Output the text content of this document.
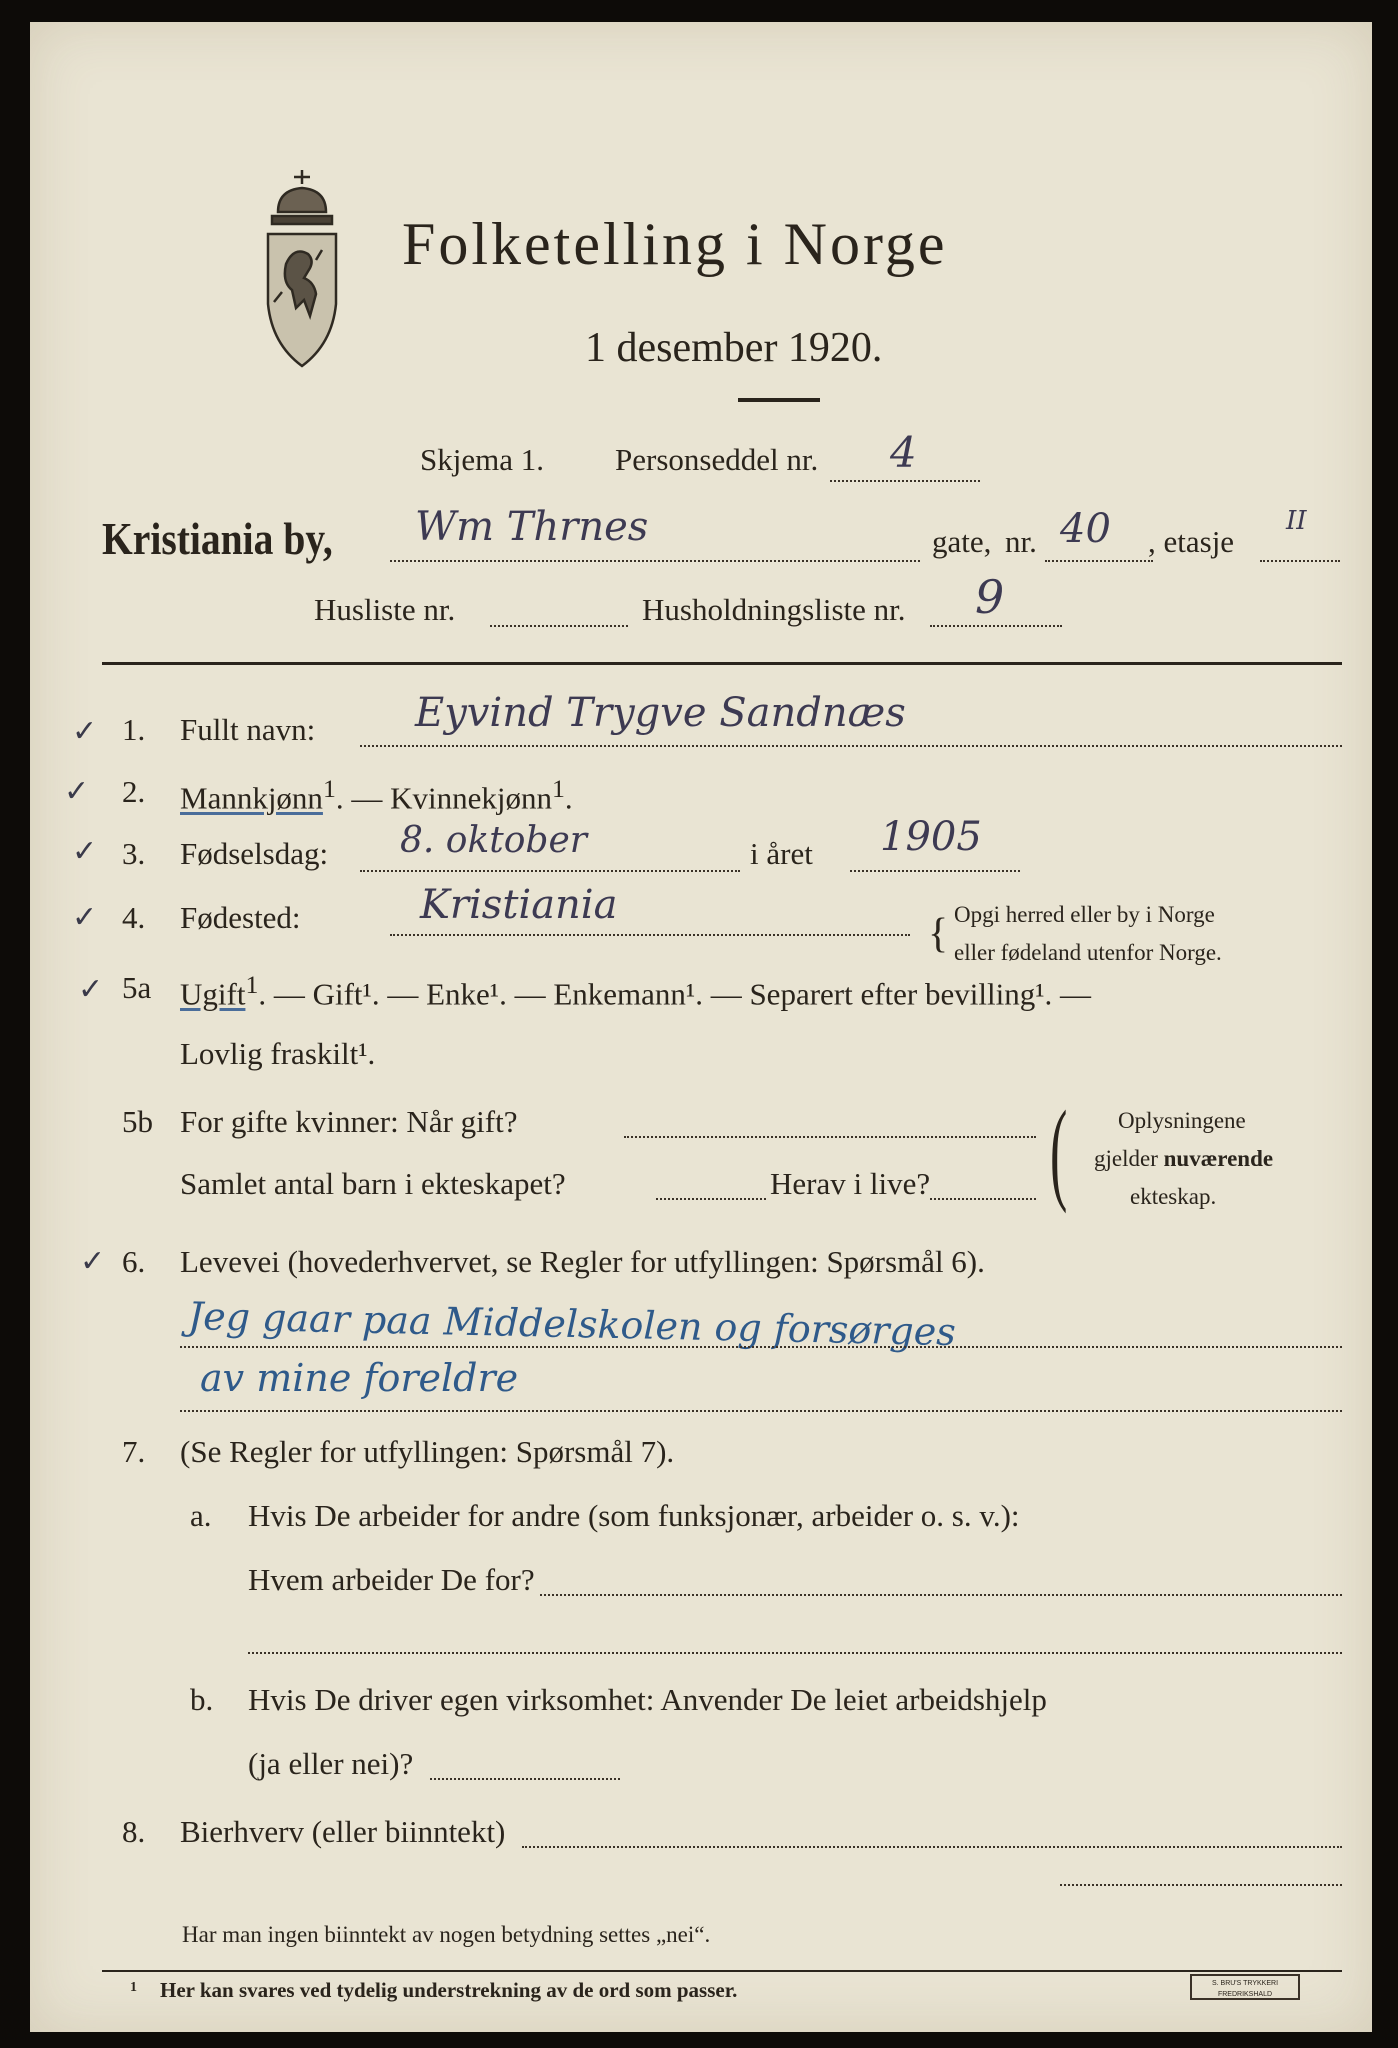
Folketelling i Norge
1 desember 1920.
Skjema 1. Personseddel nr. 4
Kristiania by, Wm Thrnes	gate, nr. 40 , etasje
II
Husliste nr.	Husholdningsliste nr. 9
✓ 1. Fullt navn: Eyvind Trygve Sandnæs
✓ 2. Mannkjønn$^1$. — Kvinnekjønn$^1$.
✓ 3. Fødselsdag: 8. oktober	i året 1905
✓ 4. Fødested:	Kristiania
{ Opgi herred eller by i Norge
eller fødeland utenfor Norge.
✓ 5a Ugift$^1$. — Gift¹. — Enke¹. — Enkemann¹. — Separert efter bevilling¹. —
Lovlig fraskilt¹.
5b For gifte kvinner: Når gift?
Samlet antal barn i ekteskapet?	Herav i live? ( Oplysningene
gjelder nuværende
ekteskap.
✓ 6. Levevei (hovederhvervet, se Regler for utfyllingen: Spørsmål 6).
Jeg gaar paa Middelskolen og forsørges
av mine foreldre
7. (Se Regler for utfyllingen: Spørsmål 7).
a. Hvis De arbeider for andre (som funksjonær, arbeider o. s. v.):
Hvem arbeider De for?
b. Hvis De driver egen virksomhet: Anvender De leiet arbeidshjelp
(ja eller nei)?
8. Bierhverv (eller biinntekt)
Har man ingen biinntekt av nogen betydning settes „nei“.
1 Her kan svares ved tydelig understrekning av de ord som passer.	S. BRU'S TRYKKERI FREDRIKSHALD
